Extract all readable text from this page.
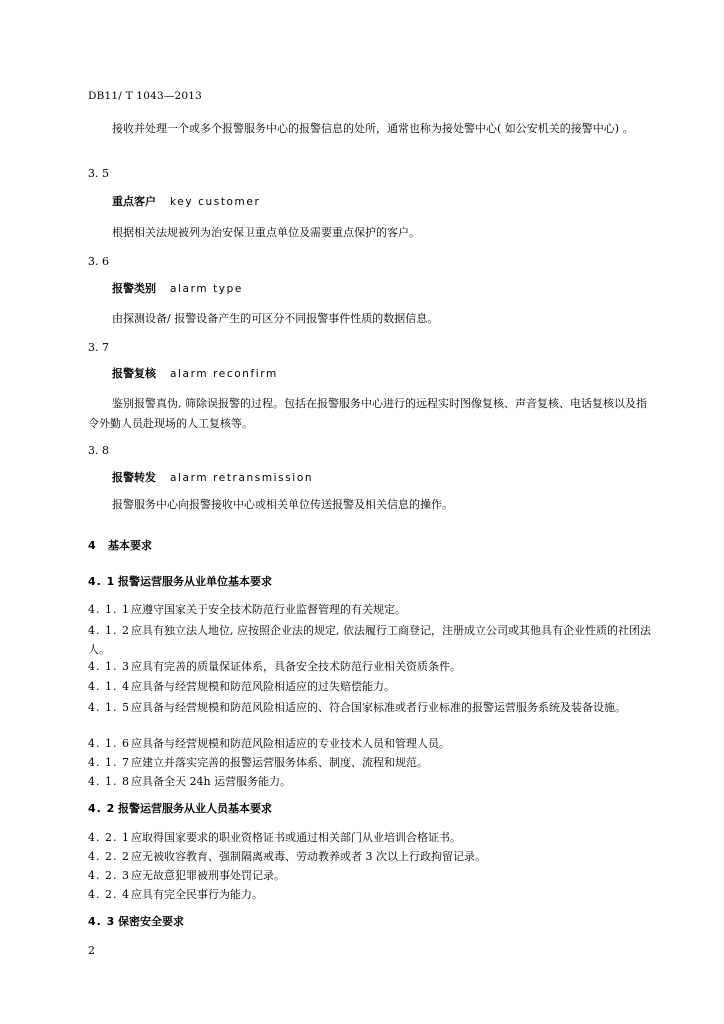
DB11/ T 1043—2013
接收并处理一个或多个报警服务中心的报警信息的处所，通常也称为接处警中心( 如公安机关的接警中心) 。
3. 5
重点客户 key customer
根据相关法规被列为治安保卫重点单位及需要重点保护的客户。
3. 6
报警类别 alarm type
由探测设备/ 报警设备产生的可区分不同报警事件性质的数据信息。
3. 7
报警复核 alarm reconfirm
鉴别报警真伪, 筛除误报警的过程。包括在报警服务中心进行的远程实时图像复核、声音复核、电话复核以及指令外勤人员赴现场的人工复核等。
3. 8
报警转发 alarm retransmission
报警服务中心向报警接收中心或相关单位传送报警及相关信息的操作。
4 基本要求
4. 1 报警运营服务从业单位基本要求
4. 1. 1应遵守国家关于安全技术防范行业监督管理的有关规定。
4. 1. 2应具有独立法人地位, 应按照企业法的规定, 依法履行工商登记，注册成立公司或其他具有企业性质的社团法人。
4. 1. 3应具有完善的质量保证体系，具备安全技术防范行业相关资质条件。
4. 1. 4应具备与经营规模和防范风险相适应的过失赔偿能力。
4. 1. 5应具备与经营规模和防范风险相适应的、符合国家标准或者行业标准的报警运营服务系统及装备设施。
4. 1. 6应具备与经营规模和防范风险相适应的专业技术人员和管理人员。
4. 1. 7应建立并落实完善的报警运营服务体系、制度、流程和规范。
4. 1. 8应具备全天 24h 运营服务能力。
4. 2 报警运营服务从业人员基本要求
4. 2. 1应取得国家要求的职业资格证书或通过相关部门从业培训合格证书。
4. 2. 2应无被收容教育、强制隔离戒毒、劳动教养或者 3 次以上行政拘留记录。
4. 2. 3应无故意犯罪被刑事处罚记录。
4. 2. 4应具有完全民事行为能力。
4. 3 保密安全要求
2
